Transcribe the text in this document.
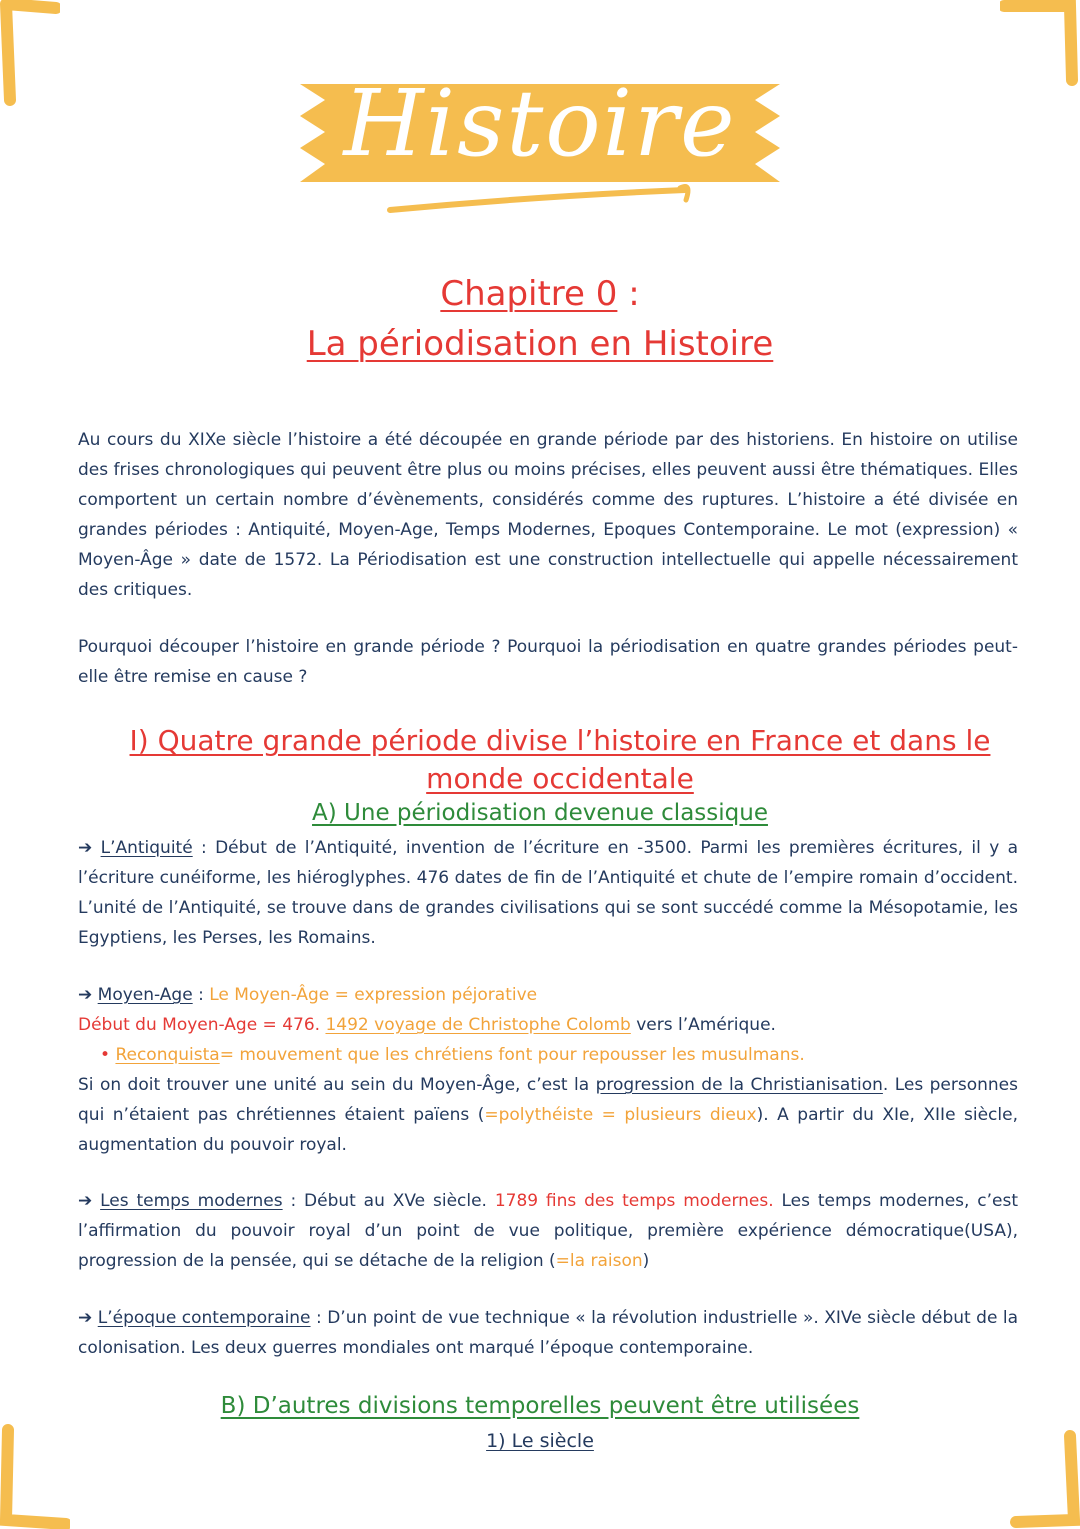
Histoire
Chapitre 0 :
La périodisation en Histoire
Au cours du XIXe siècle l’histoire a été découpée en grande période par des historiens. En histoire on utilise des frises chronologiques qui peuvent être plus ou moins précises, elles peuvent aussi être thématiques. Elles comportent un certain nombre d’évènements, considérés comme des ruptures. L’histoire a été divisée en grandes périodes : Antiquité, Moyen-Age, Temps Modernes, Epoques Contemporaine. Le mot (expression) « Moyen-Âge » date de 1572. La Périodisation est une construction intellectuelle qui appelle nécessairement des critiques.
Pourquoi découper l’histoire en grande période ? Pourquoi la périodisation en quatre grandes périodes peut-elle être remise en cause ?
I) Quatre grande période divise l’histoire en France et dans le
monde occidentale
A) Une périodisation devenue classique
➔ L’Antiquité : Début de l’Antiquité, invention de l’écriture en -3500. Parmi les premières écritures, il y a l’écriture cunéiforme, les hiéroglyphes. 476 dates de fin de l’Antiquité et chute de l’empire romain d’occident. L’unité de l’Antiquité, se trouve dans de grandes civilisations qui se sont succédé comme la Mésopotamie, les Egyptiens, les Perses, les Romains.
➔ Moyen-Age : Le Moyen-Âge = expression péjorative
Début du Moyen-Age = 476. 1492 voyage de Christophe Colomb vers l’Amérique.
• Reconquista= mouvement que les chrétiens font pour repousser les musulmans.
Si on doit trouver une unité au sein du Moyen-Âge, c’est la progression de la Christianisation. Les personnes qui n’étaient pas chrétiennes étaient païens (=polythéiste = plusieurs dieux). A partir du XIe, XIIe siècle, augmentation du pouvoir royal.
➔ Les temps modernes : Début au XVe siècle. 1789 fins des temps modernes. Les temps modernes, c’est l’affirmation du pouvoir royal d’un point de vue politique, première expérience démocratique(USA), progression de la pensée, qui se détache de la religion (=la raison)
➔ L’époque contemporaine : D’un point de vue technique « la révolution industrielle ». XIVe siècle début de la colonisation. Les deux guerres mondiales ont marqué l’époque contemporaine.
B) D’autres divisions temporelles peuvent être utilisées
1) Le siècle
